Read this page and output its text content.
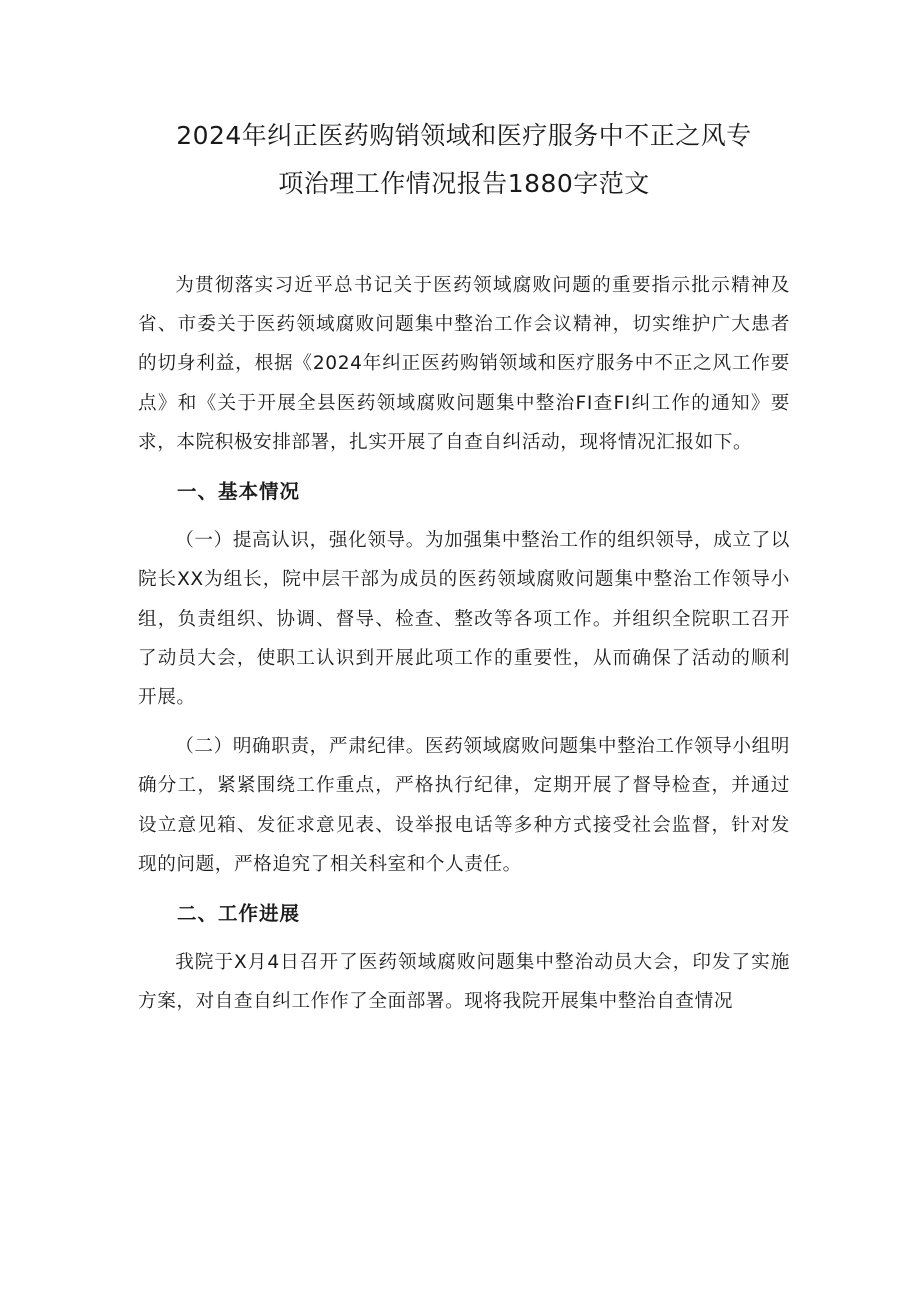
2024年纠正医药购销领域和医疗服务中不正之风专
项治理工作情况报告1880字范文

为贯彻落实习近平总书记关于医药领域腐败问题的重要指示批示精神及省、市委关于医药领域腐败问题集中整治工作会议精神，切实维护广大患者的切身利益，根据《2024年纠正医药购销领域和医疗服务中不正之风工作要点》和《关于开展全县医药领域腐败问题集中整治FI查FI纠工作的通知》要求，本院积极安排部署，扎实开展了自查自纠活动，现将情况汇报如下。

一、基本情况

（一）提高认识，强化领导。为加强集中整治工作的组织领导，成立了以院长XX为组长，院中层干部为成员的医药领域腐败问题集中整治工作领导小组，负责组织、协调、督导、检查、整改等各项工作。并组织全院职工召开了动员大会，使职工认识到开展此项工作的重要性，从而确保了活动的顺利开展。

（二）明确职责，严肃纪律。医药领域腐败问题集中整治工作领导小组明确分工，紧紧围绕工作重点，严格执行纪律，定期开展了督导检查，并通过设立意见箱、发征求意见表、设举报电话等多种方式接受社会监督，针对发现的问题，严格追究了相关科室和个人责任。

二、工作进展

我院于X月4日召开了医药领域腐败问题集中整治动员大会，印发了实施方案，对自查自纠工作作了全面部署。现将我院开展集中整治自查情况
